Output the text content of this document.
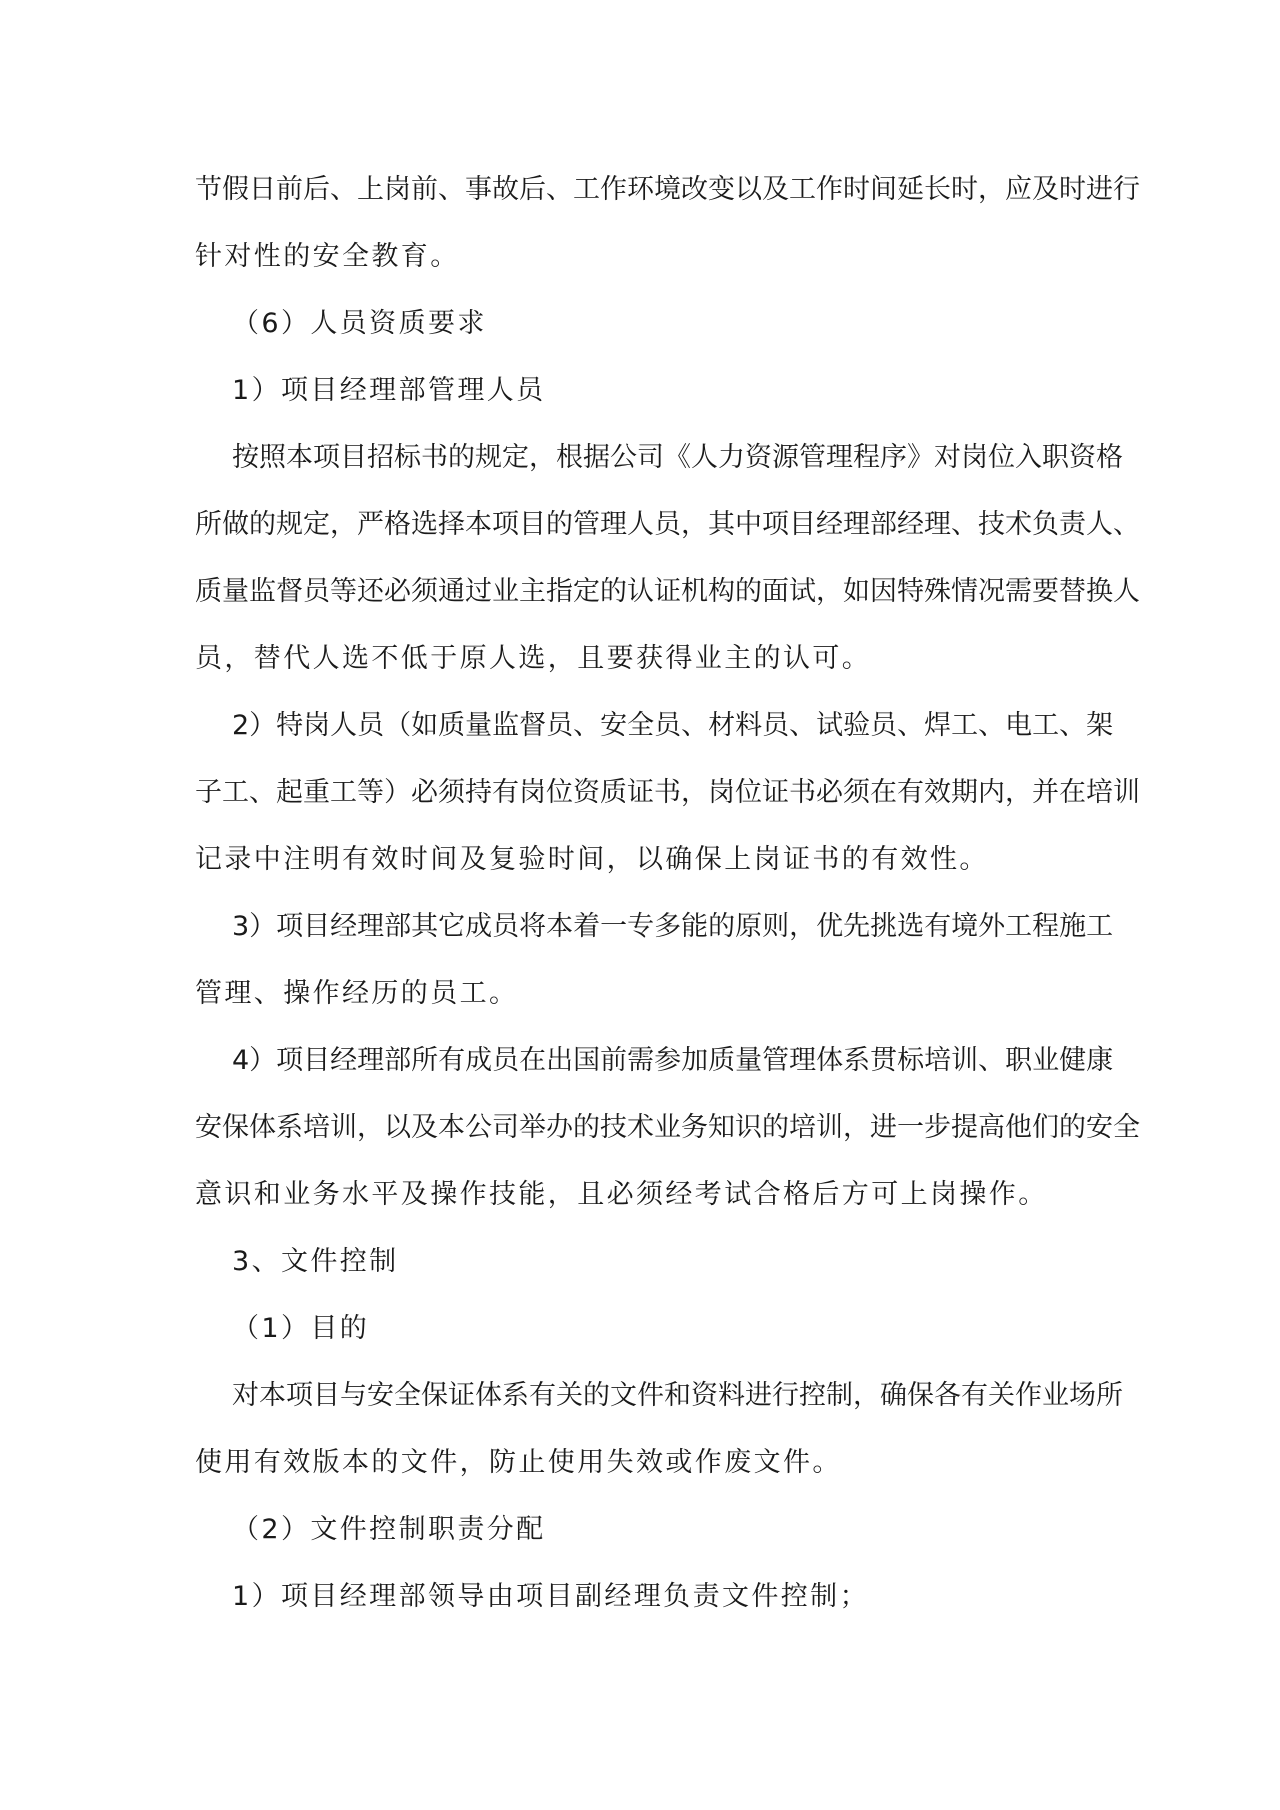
节假日前后、上岗前、事故后、工作环境改变以及工作时间延长时，应及时进行
针对性的安全教育。
（6）人员资质要求
1）项目经理部管理人员
按照本项目招标书的规定，根据公司《人力资源管理程序》对岗位入职资格
所做的规定，严格选择本项目的管理人员，其中项目经理部经理、技术负责人、
质量监督员等还必须通过业主指定的认证机构的面试，如因特殊情况需要替换人
员，替代人选不低于原人选，且要获得业主的认可。
2）特岗人员（如质量监督员、安全员、材料员、试验员、焊工、电工、架
子工、起重工等）必须持有岗位资质证书，岗位证书必须在有效期内，并在培训
记录中注明有效时间及复验时间，以确保上岗证书的有效性。
3）项目经理部其它成员将本着一专多能的原则，优先挑选有境外工程施工
管理、操作经历的员工。
4）项目经理部所有成员在出国前需参加质量管理体系贯标培训、职业健康
安保体系培训，以及本公司举办的技术业务知识的培训，进一步提高他们的安全
意识和业务水平及操作技能，且必须经考试合格后方可上岗操作。
3、文件控制
（1）目的
对本项目与安全保证体系有关的文件和资料进行控制，确保各有关作业场所
使用有效版本的文件，防止使用失效或作废文件。
（2）文件控制职责分配
1）项目经理部领导由项目副经理负责文件控制；
